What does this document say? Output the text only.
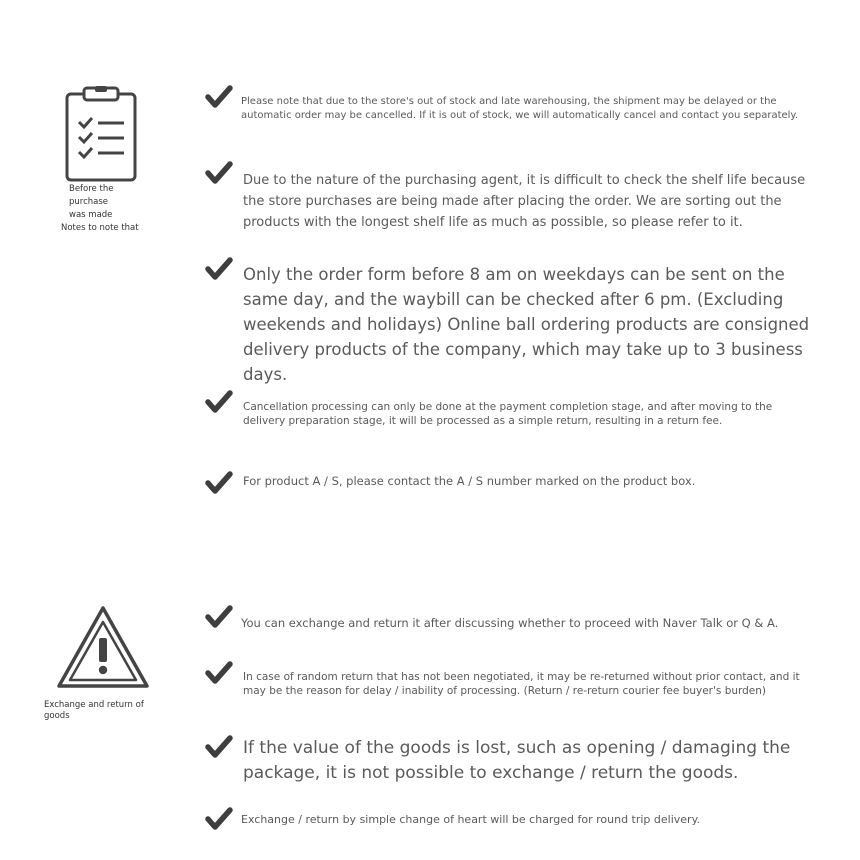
Before the
purchase
was made
Notes to note that
Please note that due to the store's out of stock and late warehousing, the shipment may be delayed or the automatic order may be cancelled. If it is out of stock, we will automatically cancel and contact you separately.
Due to the nature of the purchasing agent, it is difficult to check the shelf life because the store purchases are being made after placing the order. We are sorting out the products with the longest shelf life as much as possible, so please refer to it.
Only the order form before 8 am on weekdays can be sent on the same day, and the waybill can be checked after 6 pm. (Excluding weekends and holidays) Online ball ordering products are consigned delivery products of the company, which may take up to 3 business days.
Cancellation processing can only be done at the payment completion stage, and after moving to the delivery preparation stage, it will be processed as a simple return, resulting in a return fee.
For product A / S, please contact the A / S number marked on the product box.
Exchange and return of
goods
You can exchange and return it after discussing whether to proceed with Naver Talk or Q & A.
In case of random return that has not been negotiated, it may be re-returned without prior contact, and it may be the reason for delay / inability of processing. (Return / re-return courier fee buyer's burden)
If the value of the goods is lost, such as opening / damaging the package, it is not possible to exchange / return the goods.
Exchange / return by simple change of heart will be charged for round trip delivery.
